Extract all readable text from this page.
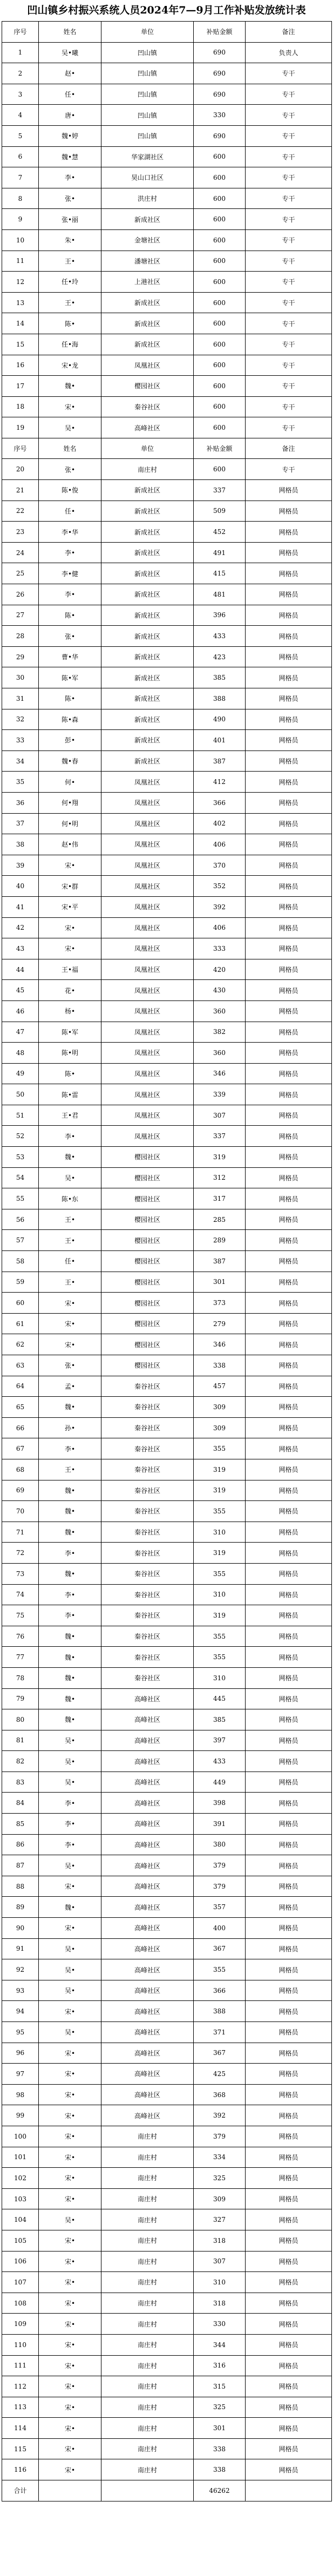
凹山镇乡村振兴系统人员2024年7—9月工作补贴发放统计表
序号	姓名	单位	补贴金额	备注
1	吴•曦	凹山镇	690	负责人
2	赵•	凹山镇	690	专干
3	任•	凹山镇	690	专干
4	唐•	凹山镇	330	专干
5	魏•婷	凹山镇	690	专干
6	魏•慧	华家湖社区	600	专干
7	李•	昊山口社区	600	专干
8	张•	洪庄村	600	专干
9	张•丽	新成社区	600	专干
10	朱•	金塘社区	600	专干
11	王•	潘塘社区	600	专干
12	任•玲	上港社区	600	专干
13	王•	新成社区	600	专干
14	陈•	新成社区	600	专干
15	任•海	新成社区	600	专干
16	宋•龙	凤凰社区	600	专干
17	魏•	樱园社区	600	专干
18	宋•	秦谷社区	600	专干
19	吴•	高峰社区	600	专干
序号	姓名	单位	补贴金额	备注
20	张•	南庄村	600	专干
21	陈•俊	新成社区	337	网格员
22	任•	新成社区	509	网格员
23	李•华	新成社区	452	网格员
24	李•	新成社区	491	网格员
25	李•健	新成社区	415	网格员
26	李•	新成社区	481	网格员
27	陈•	新成社区	396	网格员
28	张•	新成社区	433	网格员
29	曹•华	新成社区	423	网格员
30	陈•军	新成社区	385	网格员
31	陈•	新成社区	388	网格员
32	陈•森	新成社区	490	网格员
33	彭•	新成社区	401	网格员
34	魏•春	新成社区	387	网格员
35	何•	凤凰社区	412	网格员
36	何•翔	凤凰社区	366	网格员
37	何•明	凤凰社区	402	网格员
38	赵•伟	凤凰社区	406	网格员
39	宋•	凤凰社区	370	网格员
40	宋•群	凤凰社区	352	网格员
41	宋•平	凤凰社区	392	网格员
42	宋•	凤凰社区	406	网格员
43	宋•	凤凰社区	333	网格员
44	王•福	凤凰社区	420	网格员
45	花•	凤凰社区	430	网格员
46	杨•	凤凰社区	360	网格员
47	陈•军	凤凰社区	382	网格员
48	陈•明	凤凰社区	360	网格员
49	陈•	凤凰社区	346	网格员
50	陈•雷	凤凰社区	339	网格员
51	王•君	凤凰社区	307	网格员
52	李•	凤凰社区	337	网格员
53	魏•	樱园社区	319	网格员
54	吴•	樱园社区	312	网格员
55	陈•东	樱园社区	317	网格员
56	王•	樱园社区	285	网格员
57	王•	樱园社区	289	网格员
58	任•	樱园社区	387	网格员
59	王•	樱园社区	301	网格员
60	宋•	樱园社区	373	网格员
61	宋•	樱园社区	279	网格员
62	宋•	樱园社区	346	网格员
63	张•	樱园社区	338	网格员
64	孟•	秦谷社区	457	网格员
65	魏•	秦谷社区	309	网格员
66	孙•	秦谷社区	309	网格员
67	李•	秦谷社区	355	网格员
68	王•	秦谷社区	319	网格员
69	魏•	秦谷社区	319	网格员
70	魏•	秦谷社区	355	网格员
71	魏•	秦谷社区	310	网格员
72	李•	秦谷社区	319	网格员
73	魏•	秦谷社区	355	网格员
74	李•	秦谷社区	310	网格员
75	李•	秦谷社区	319	网格员
76	魏•	秦谷社区	355	网格员
77	魏•	秦谷社区	355	网格员
78	魏•	秦谷社区	310	网格员
79	魏•	高峰社区	445	网格员
80	魏•	高峰社区	385	网格员
81	吴•	高峰社区	397	网格员
82	吴•	高峰社区	433	网格员
83	吴•	高峰社区	449	网格员
84	李•	高峰社区	398	网格员
85	李•	高峰社区	391	网格员
86	李•	高峰社区	380	网格员
87	吴•	高峰社区	379	网格员
88	宋•	高峰社区	379	网格员
89	魏•	高峰社区	357	网格员
90	宋•	高峰社区	400	网格员
91	吴•	高峰社区	367	网格员
92	吴•	高峰社区	355	网格员
93	吴•	高峰社区	366	网格员
94	宋•	高峰社区	388	网格员
95	吴•	高峰社区	371	网格员
96	宋•	高峰社区	367	网格员
97	宋•	高峰社区	425	网格员
98	宋•	高峰社区	368	网格员
99	宋•	高峰社区	392	网格员
100	宋•	南庄村	379	网格员
101	宋•	南庄村	334	网格员
102	宋•	南庄村	325	网格员
103	宋•	南庄村	309	网格员
104	吴•	南庄村	327	网格员
105	宋•	南庄村	318	网格员
106	宋•	南庄村	307	网格员
107	宋•	南庄村	310	网格员
108	宋•	南庄村	318	网格员
109	宋•	南庄村	330	网格员
110	宋•	南庄村	344	网格员
111	宋•	南庄村	316	网格员
112	宋•	南庄村	315	网格员
113	宋•	南庄村	325	网格员
114	宋•	南庄村	301	网格员
115	宋•	南庄村	338	网格员
116	宋•	南庄村	338	网格员
合计			46262	
